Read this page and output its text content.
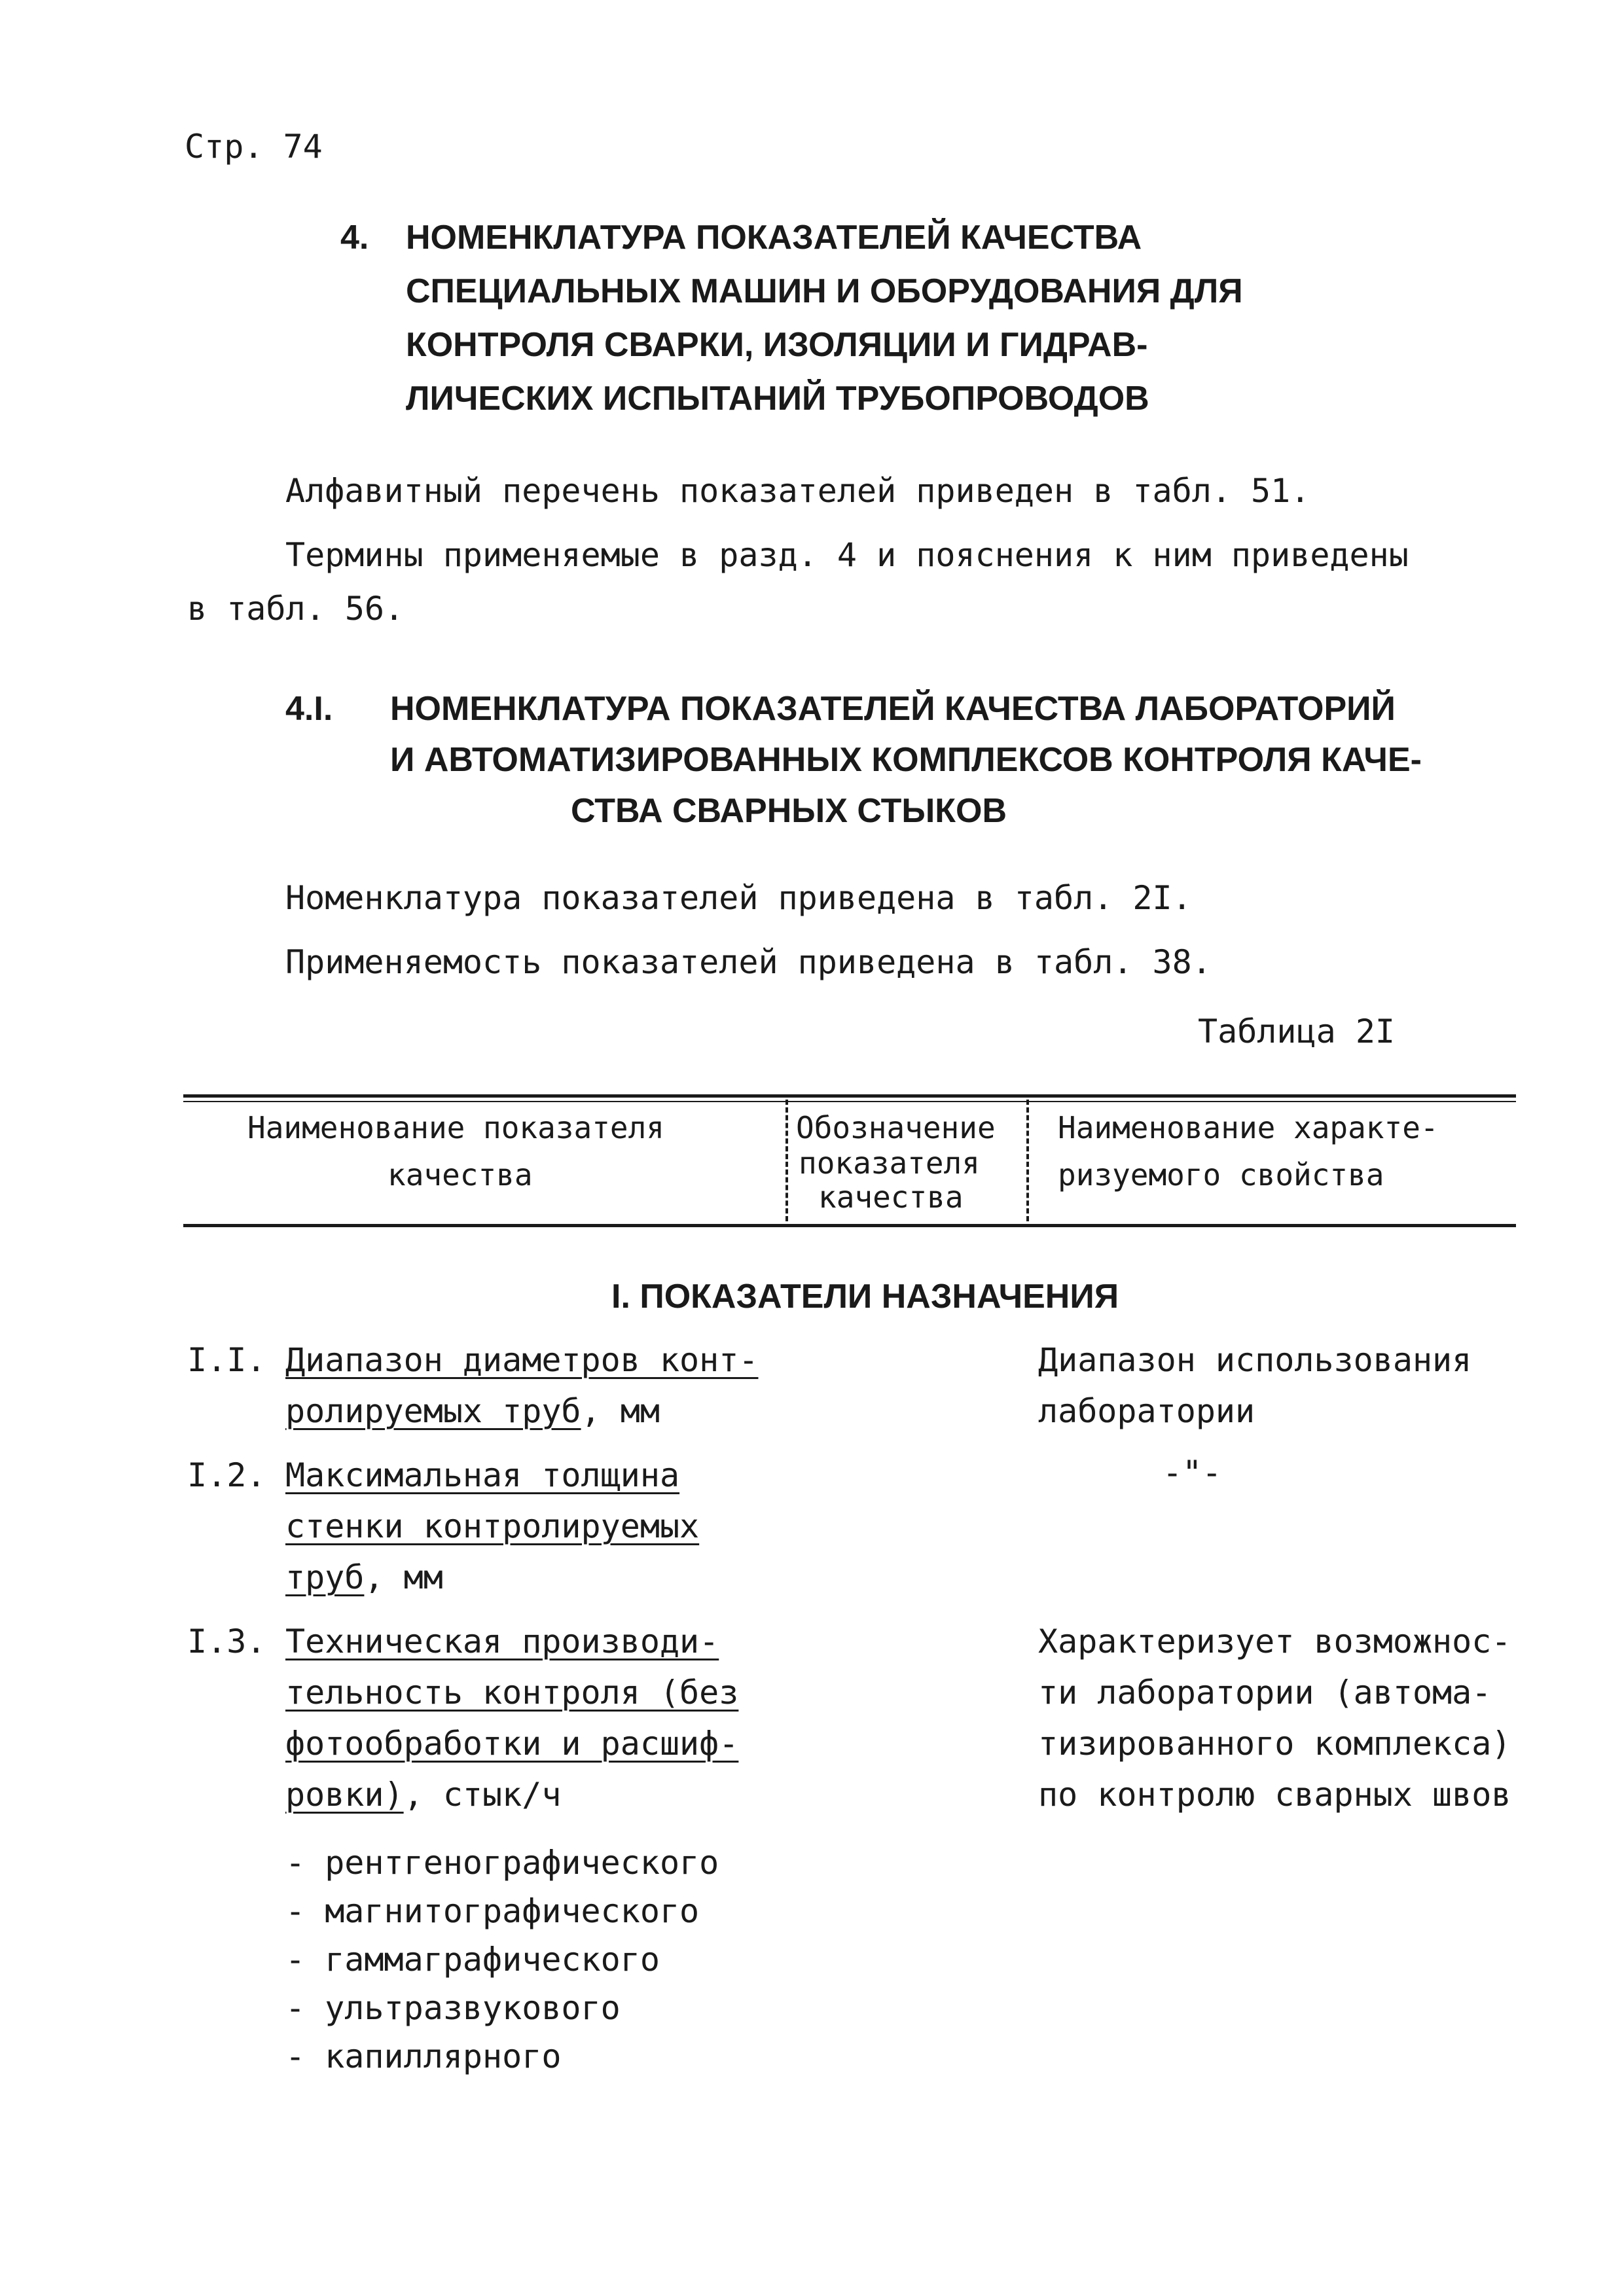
Стр. 74
4. НОМЕНКЛАТУРА ПОКАЗАТЕЛЕЙ КАЧЕСТВА
СПЕЦИАЛЬНЫХ МАШИН И ОБОРУДОВАНИЯ ДЛЯ
КОНТРОЛЯ СВАРКИ, ИЗОЛЯЦИИ И ГИДРАВ-
ЛИЧЕСКИХ ИСПЫТАНИЙ ТРУБОПРОВОДОВ
Алфавитный перечень показателей приведен в табл. 51.
Термины применяемые в разд. 4 и пояснения к ним приведены
в табл. 56.
4.I. НОМЕНКЛАТУРА ПОКАЗАТЕЛЕЙ КАЧЕСТВА ЛАБОРАТОРИЙ
И АВТОМАТИЗИРОВАННЫХ КОМПЛЕКСОВ КОНТРОЛЯ КАЧЕ-
СТВА СВАРНЫХ СТЫКОВ
Номенклатура показателей приведена в табл. 2I.
Применяемость показателей приведена в табл. 38.
Таблица 2I
Наименование показателя
качества
Обозначение
показателя
качества
Наименование характе-
ризуемого свойства
I. ПОКАЗАТЕЛИ НАЗНАЧЕНИЯ
I.I. Диапазон диаметров конт-
ролируемых труб, мм
Диапазон использования
лаборатории
I.2. Максимальная толщина
стенки контролируемых
труб, мм
-"-
I.3. Техническая производи-
тельность контроля (без
фотообработки и расшиф-
ровки), стык/ч
Характеризует возможнос-
ти лаборатории (автома-
тизированного комплекса)
по контролю сварных швов
- рентгенографического
- магнитографического
- гаммаграфического
- ультразвукового
- капиллярного
